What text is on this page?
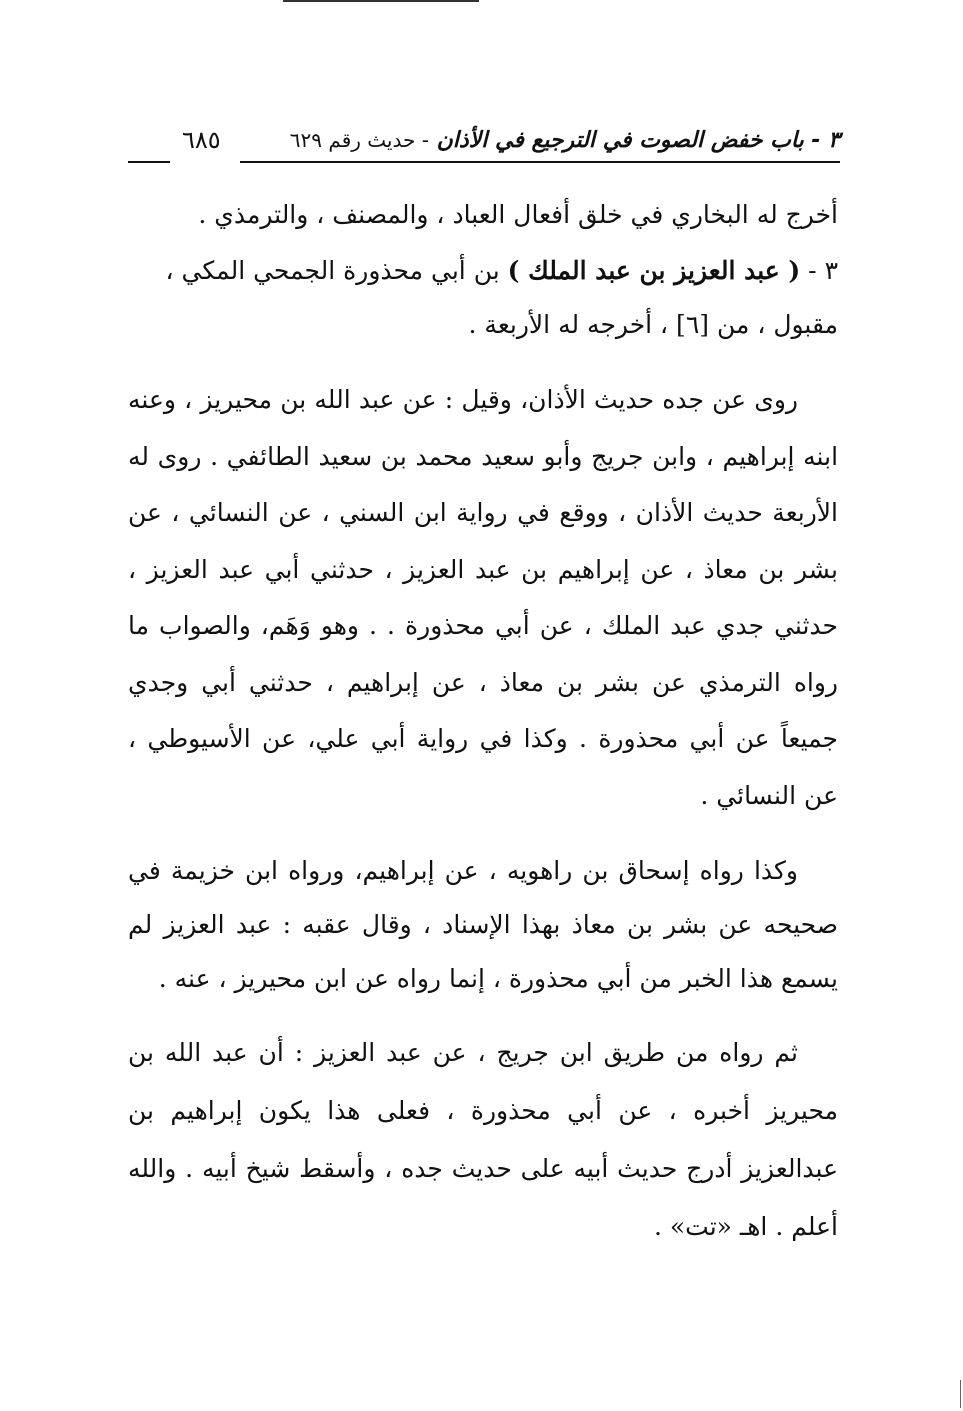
٣ - باب خفض الصوت في الترجيع في الأذان - حديث رقم ٦٢٩
٦٨٥

أخرج له البخاري في خلق أفعال العباد ، والمصنف ، والترمذي .

٣ - ( عبد العزيز بن عبد الملك ) بن أبي محذورة الجمحي المكي ،
مقبول ، من [٦] ، أخرجه له الأربعة .

روى عن جده حديث الأذان، وقيل : عن عبد الله بن محيريز ، وعنه ابنه إبراهيم ، وابن جريج وأبو سعيد محمد بن سعيد الطائفي . روى له الأربعة حديث الأذان ، ووقع في رواية ابن السني ، عن النسائي ، عن بشر بن معاذ ، عن إبراهيم بن عبد العزيز ، حدثني أبي عبد العزيز ، حدثني جدي عبد الملك ، عن أبي محذورة . . وهو وَهَم، والصواب ما رواه الترمذي عن بشر بن معاذ ، عن إبراهيم ، حدثني أبي وجدي جميعاً عن أبي محذورة . وكذا في رواية أبي علي، عن الأسيوطي ، عن النسائي .

وكذا رواه إسحاق بن راهويه ، عن إبراهيم، ورواه ابن خزيمة في صحيحه عن بشر بن معاذ بهذا الإسناد ، وقال عقبه : عبد العزيز لم يسمع هذا الخبر من أبي محذورة ، إنما رواه عن ابن محيريز ، عنه .

ثم رواه من طريق ابن جريج ، عن عبد العزيز : أن عبد الله بن محيريز أخبره ، عن أبي محذورة ، فعلى هذا يكون إبراهيم بن عبدالعزيز أدرج حديث أبيه على حديث جده ، وأسقط شيخ أبيه . والله أعلم . اهـ «تت» .
